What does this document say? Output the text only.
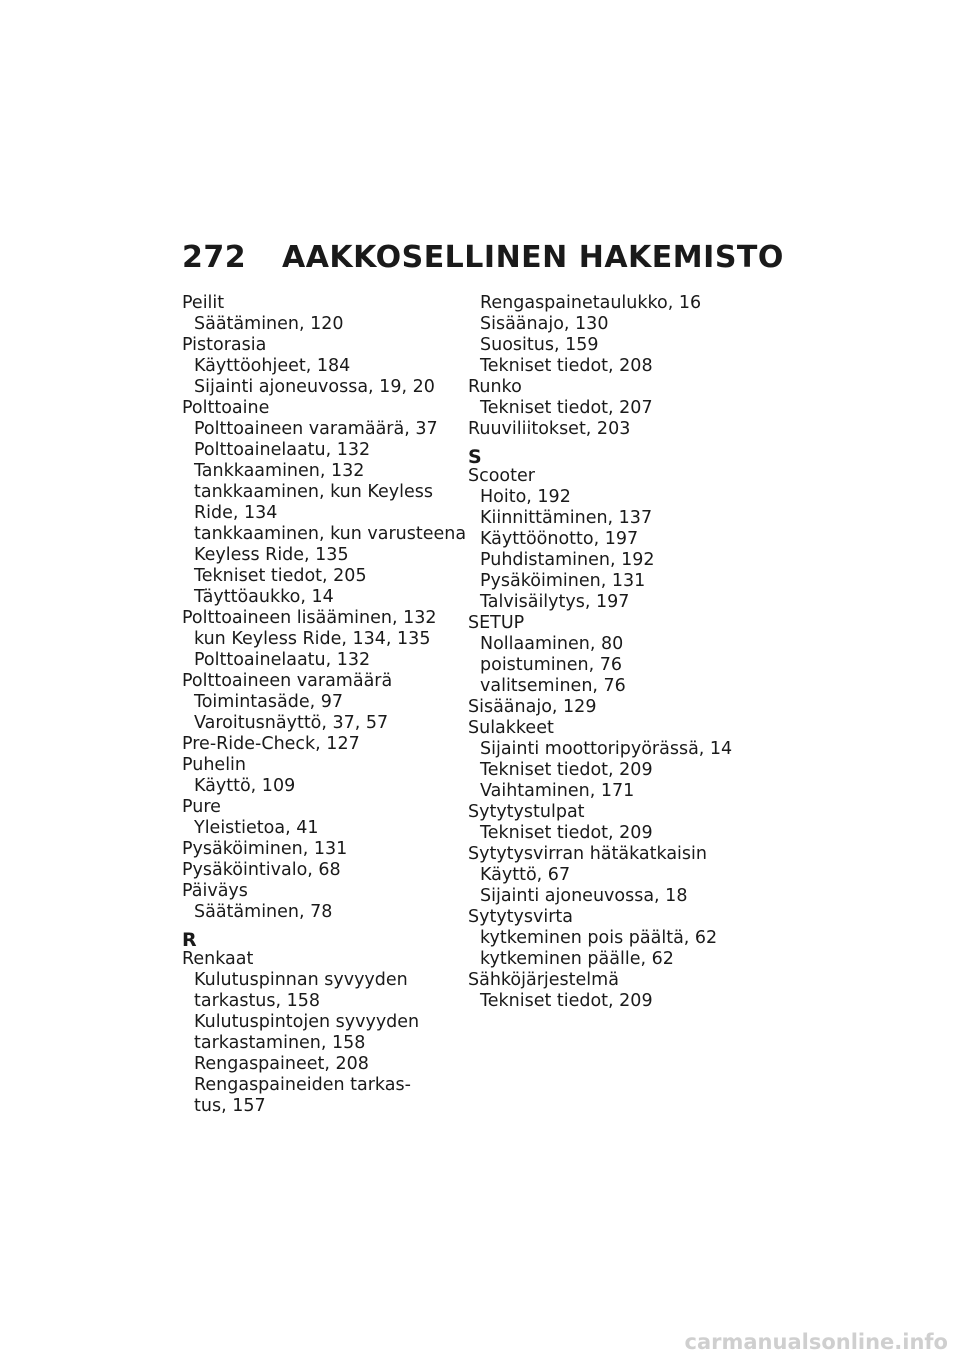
272 AAKKOSELLINEN HAKEMISTO
Peilit
Säätäminen, 120
Pistorasia
Käyttöohjeet, 184
Sijainti ajoneuvossa, 19, 20
Polttoaine
Polttoaineen varamäärä, 37
Polttoainelaatu, 132
Tankkaaminen, 132
tankkaaminen, kun Keyless
Ride, 134
tankkaaminen, kun varusteena
Keyless Ride, 135
Tekniset tiedot, 205
Täyttöaukko, 14
Polttoaineen lisääminen, 132
kun Keyless Ride, 134, 135
Polttoainelaatu, 132
Polttoaineen varamäärä
Toimintasäde, 97
Varoitusnäyttö, 37, 57
Pre-Ride-Check, 127
Puhelin
Käyttö, 109
Pure
Yleistietoa, 41
Pysäköiminen, 131
Pysäköintivalo, 68
Päiväys
Säätäminen, 78
R
Renkaat
Kulutuspinnan syvyyden
tarkastus, 158
Kulutuspintojen syvyyden
tarkastaminen, 158
Rengaspaineet, 208
Rengaspaineiden tarkas-
tus, 157
Rengaspainetaulukko, 16
Sisäänajo, 130
Suositus, 159
Tekniset tiedot, 208
Runko
Tekniset tiedot, 207
Ruuviliitokset, 203
S
Scooter
Hoito, 192
Kiinnittäminen, 137
Käyttöönotto, 197
Puhdistaminen, 192
Pysäköiminen, 131
Talvisäilytys, 197
SETUP
Nollaaminen, 80
poistuminen, 76
valitseminen, 76
Sisäänajo, 129
Sulakkeet
Sijainti moottoripyörässä, 14
Tekniset tiedot, 209
Vaihtaminen, 171
Sytytystulpat
Tekniset tiedot, 209
Sytytysvirran hätäkatkaisin
Käyttö, 67
Sijainti ajoneuvossa, 18
Sytytysvirta
kytkeminen pois päältä, 62
kytkeminen päälle, 62
Sähköjärjestelmä
Tekniset tiedot, 209
carmanualsonline.info
